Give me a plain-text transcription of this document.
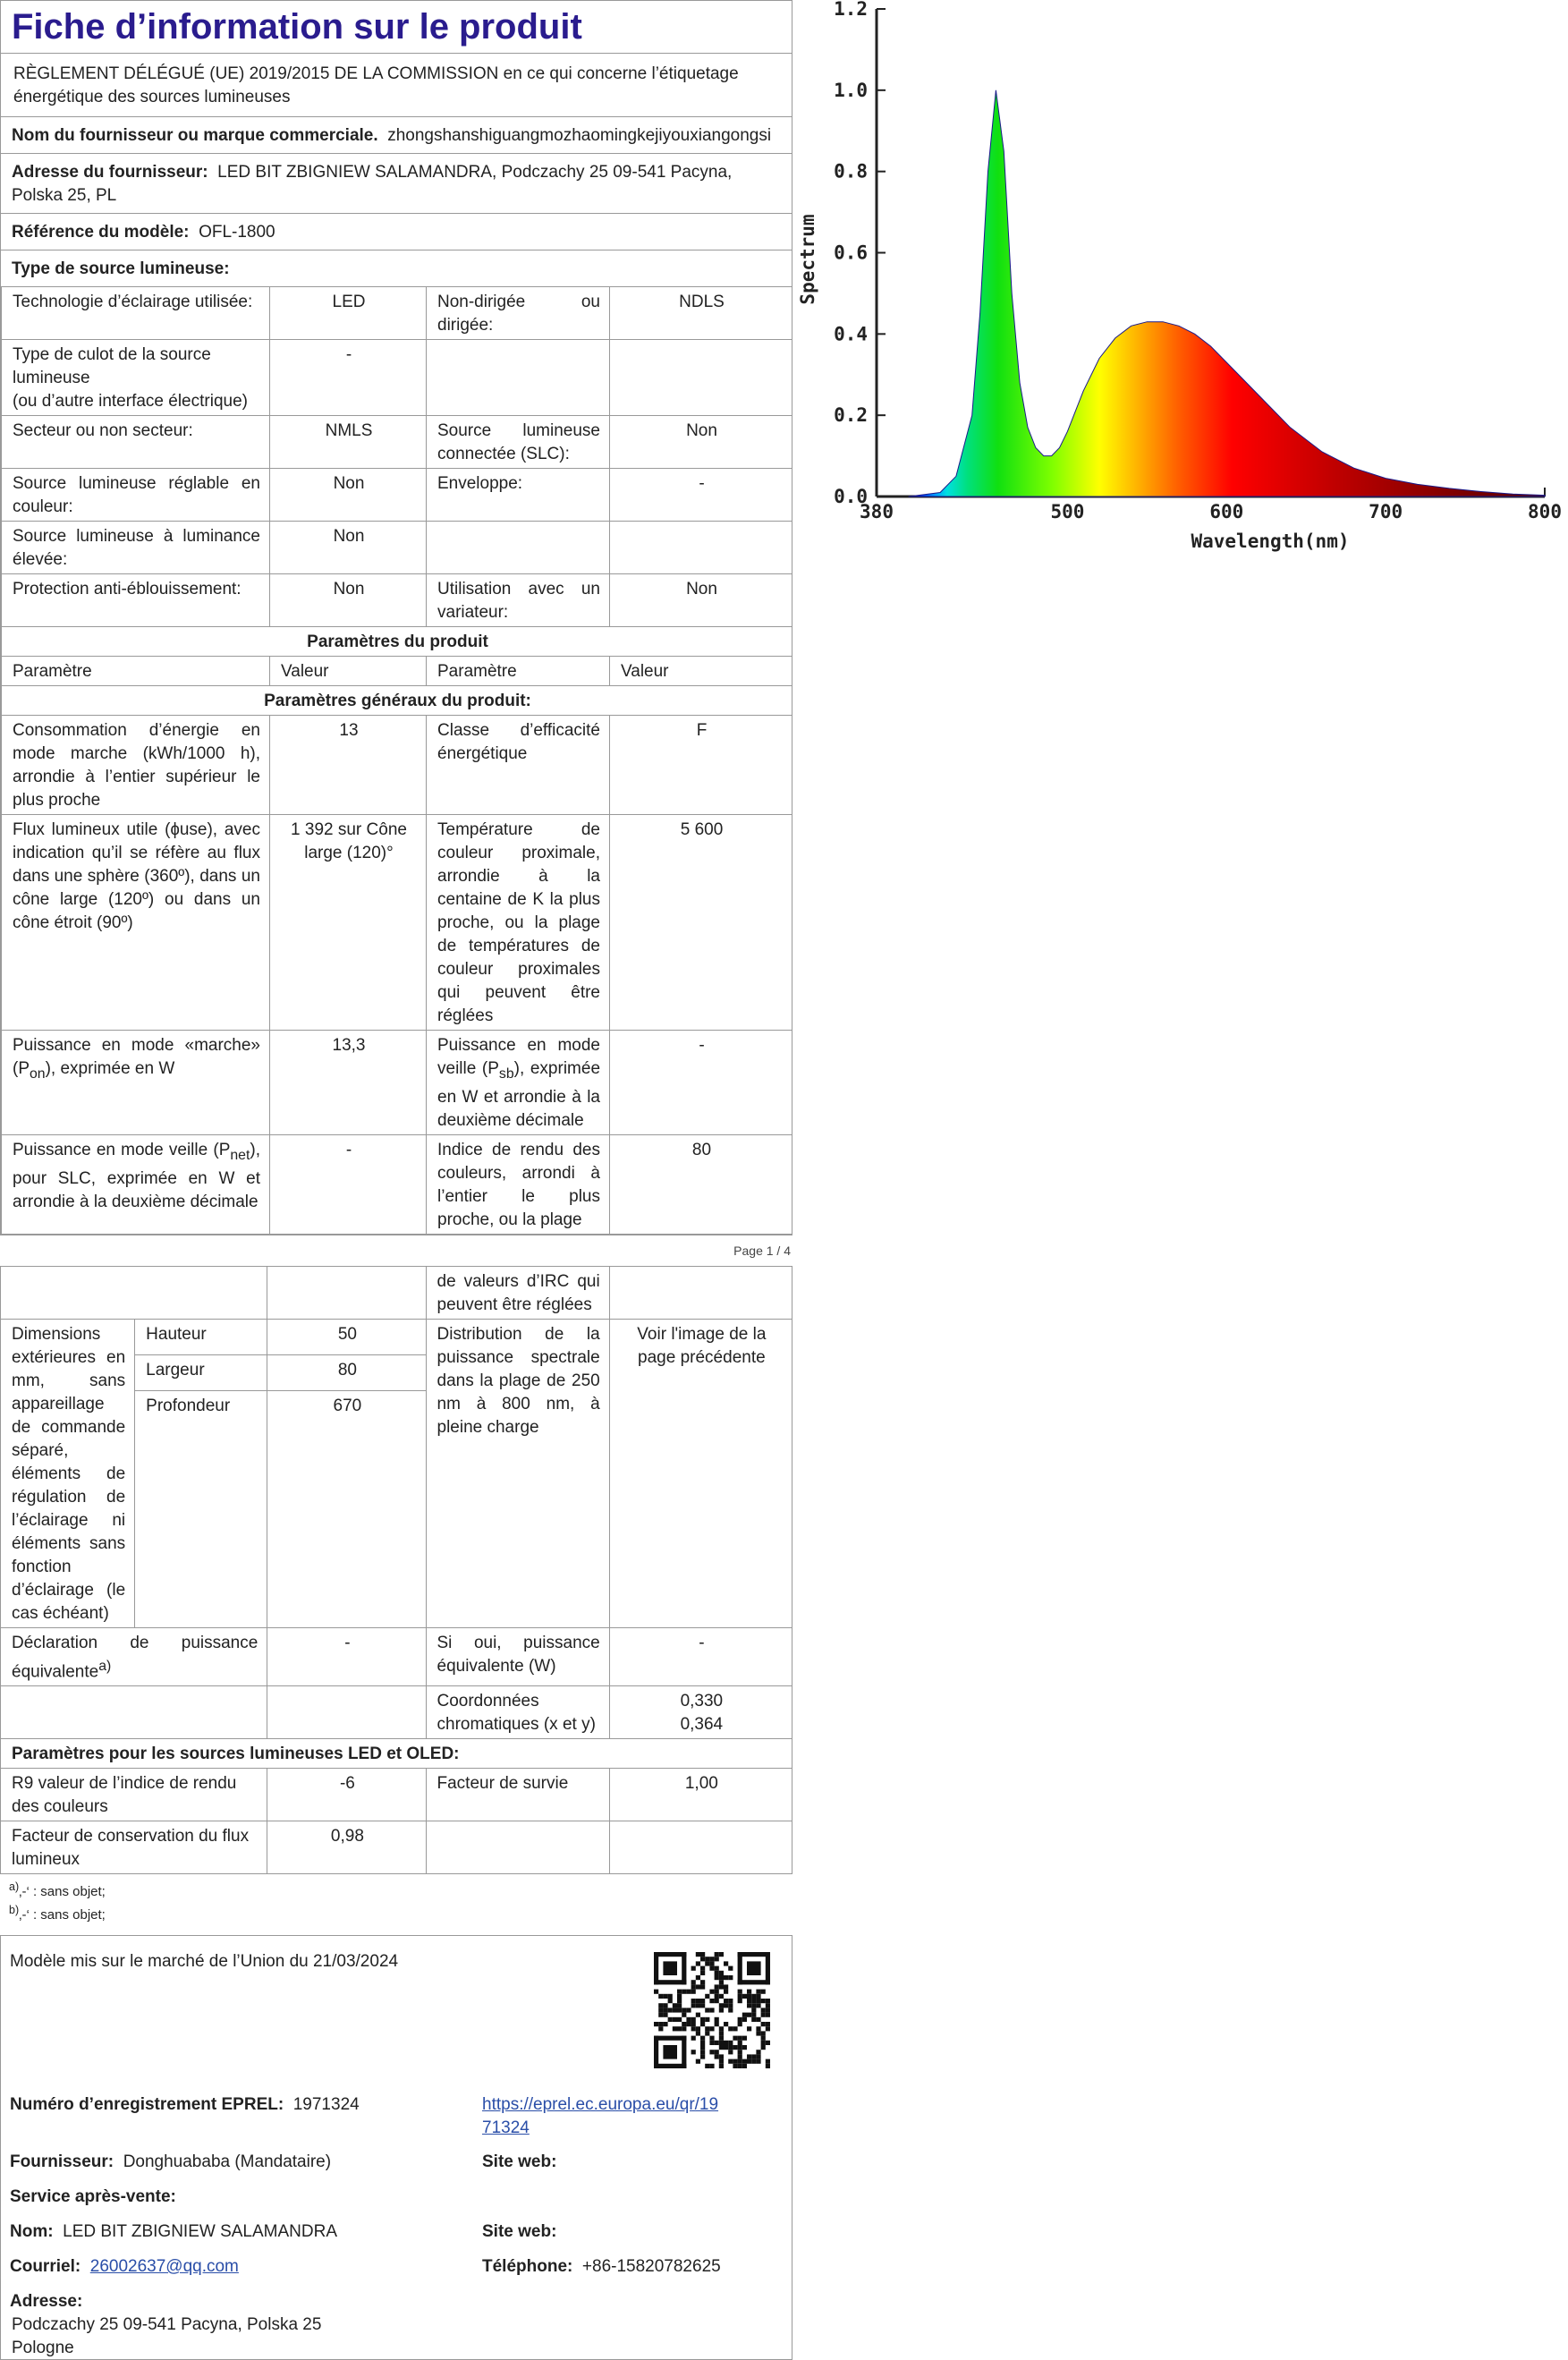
Fiche d’information sur le produit
RÈGLEMENT DÉLÉGUÉ (UE) 2019/2015 DE LA COMMISSION en ce qui concerne l’étiquetage énergétique des sources lumineuses
Nom du fournisseur ou marque commerciale. zhongshanshiguangmozhaomingkejiyouxiangongsi
Adresse du fournisseur: LED BIT ZBIGNIEW SALAMANDRA, Podczachy 25 09-541 Pacyna, Polska 25, PL
Référence du modèle: OFL-1800
Type de source lumineuse:
Technologie d’éclairage utilisée:	LED	Non-dirigée ou dirigée:	NDLS

Type de culot de la source lumineuse
(ou d’autre interface électrique)	-		
Secteur ou non secteur:	NMLS	Source lumineuse connectée (SLC):	Non
Source lumineuse réglable en couleur:	Non	Enveloppe:	-
Source lumineuse à luminance élevée:	Non		
Protection anti-éblouissement:	Non	Utilisation avec un variateur:	Non
Paramètres du produit			
Paramètre	Valeur	Paramètre	Valeur
Paramètres généraux du produit:			
Consommation d’énergie en mode marche (kWh/1000 h), arrondie à l’entier supérieur le plus proche	13	Classe d’efficacité énergétique	F
Flux lumineux utile (ɸuse), avec indication qu’il se réfère au flux dans une sphère (360º), dans un cône large (120º) ou dans un cône étroit (90º)	1 392 sur Cône large (120)°	Température de couleur proximale, arrondie à la centaine de K la plus proche, ou la plage de températures de couleur proximales qui peuvent être réglées	5 600
Puissance en mode «marche» $(P_{on})$, exprimée en W	13,3	Puissance en mode veille $(P_{sb})$, exprimée en W et arrondie à la deuxième décimale	-
Puissance en mode veille $(P_{net})$, pour SLC, exprimée en W et arrondie à la deuxième décimale	-	Indice de rendu des couleurs, arrondi à l’entier le plus proche, ou la plage	80
Page 1 / 4
			de valeurs d’IRC qui peuvent être réglées	
Dimensions extérieures en mm, sans appareillage de commande séparé, éléments de régulation de l’éclairage ni éléments sans fonction d’éclairage (le cas échéant)	Hauteur	50	Distribution de la puissance spectrale dans la plage de 250 nm à 800 nm, à pleine charge	Voir l'image de la page précédente
	Largeur	80		
	Profondeur	670		
Déclaration de puissance équivalente$^{a)}$		-	Si oui, puissance équivalente (W)	-
			Coordonnées chromatiques (x et y)	0,330
0,364

Paramètres pour les sources lumineuses LED et OLED:				
R9 valeur de l’indice de rendu des couleurs		-6	Facteur de survie	1,00
Facteur de conservation du flux lumineux		0,98		
$^{a)}$‚-‘ : sans objet;
$^{b)}$‚-‘ : sans objet;
Modèle mis sur le marché de l’Union du 21/03/2024
Numéro d’enregistrement EPREL: 1971324	https://eprel.ec.europa.eu/qr/19
71324
Fournisseur: Donghuababa (Mandataire)	Site web:
Service après-vente:
Nom: LED BIT ZBIGNIEW SALAMANDRA	Site web:
Courriel: 26002637@qq.com	Téléphone: +86-15820782625
Adresse:
Podczachy 25 09-541 Pacyna, Polska 25
Pologne
0.0
0.2
0.4
0.6
0.8
1.0
1.2
380	500	600	700	800
Spectrum
Wavelength(nm)
